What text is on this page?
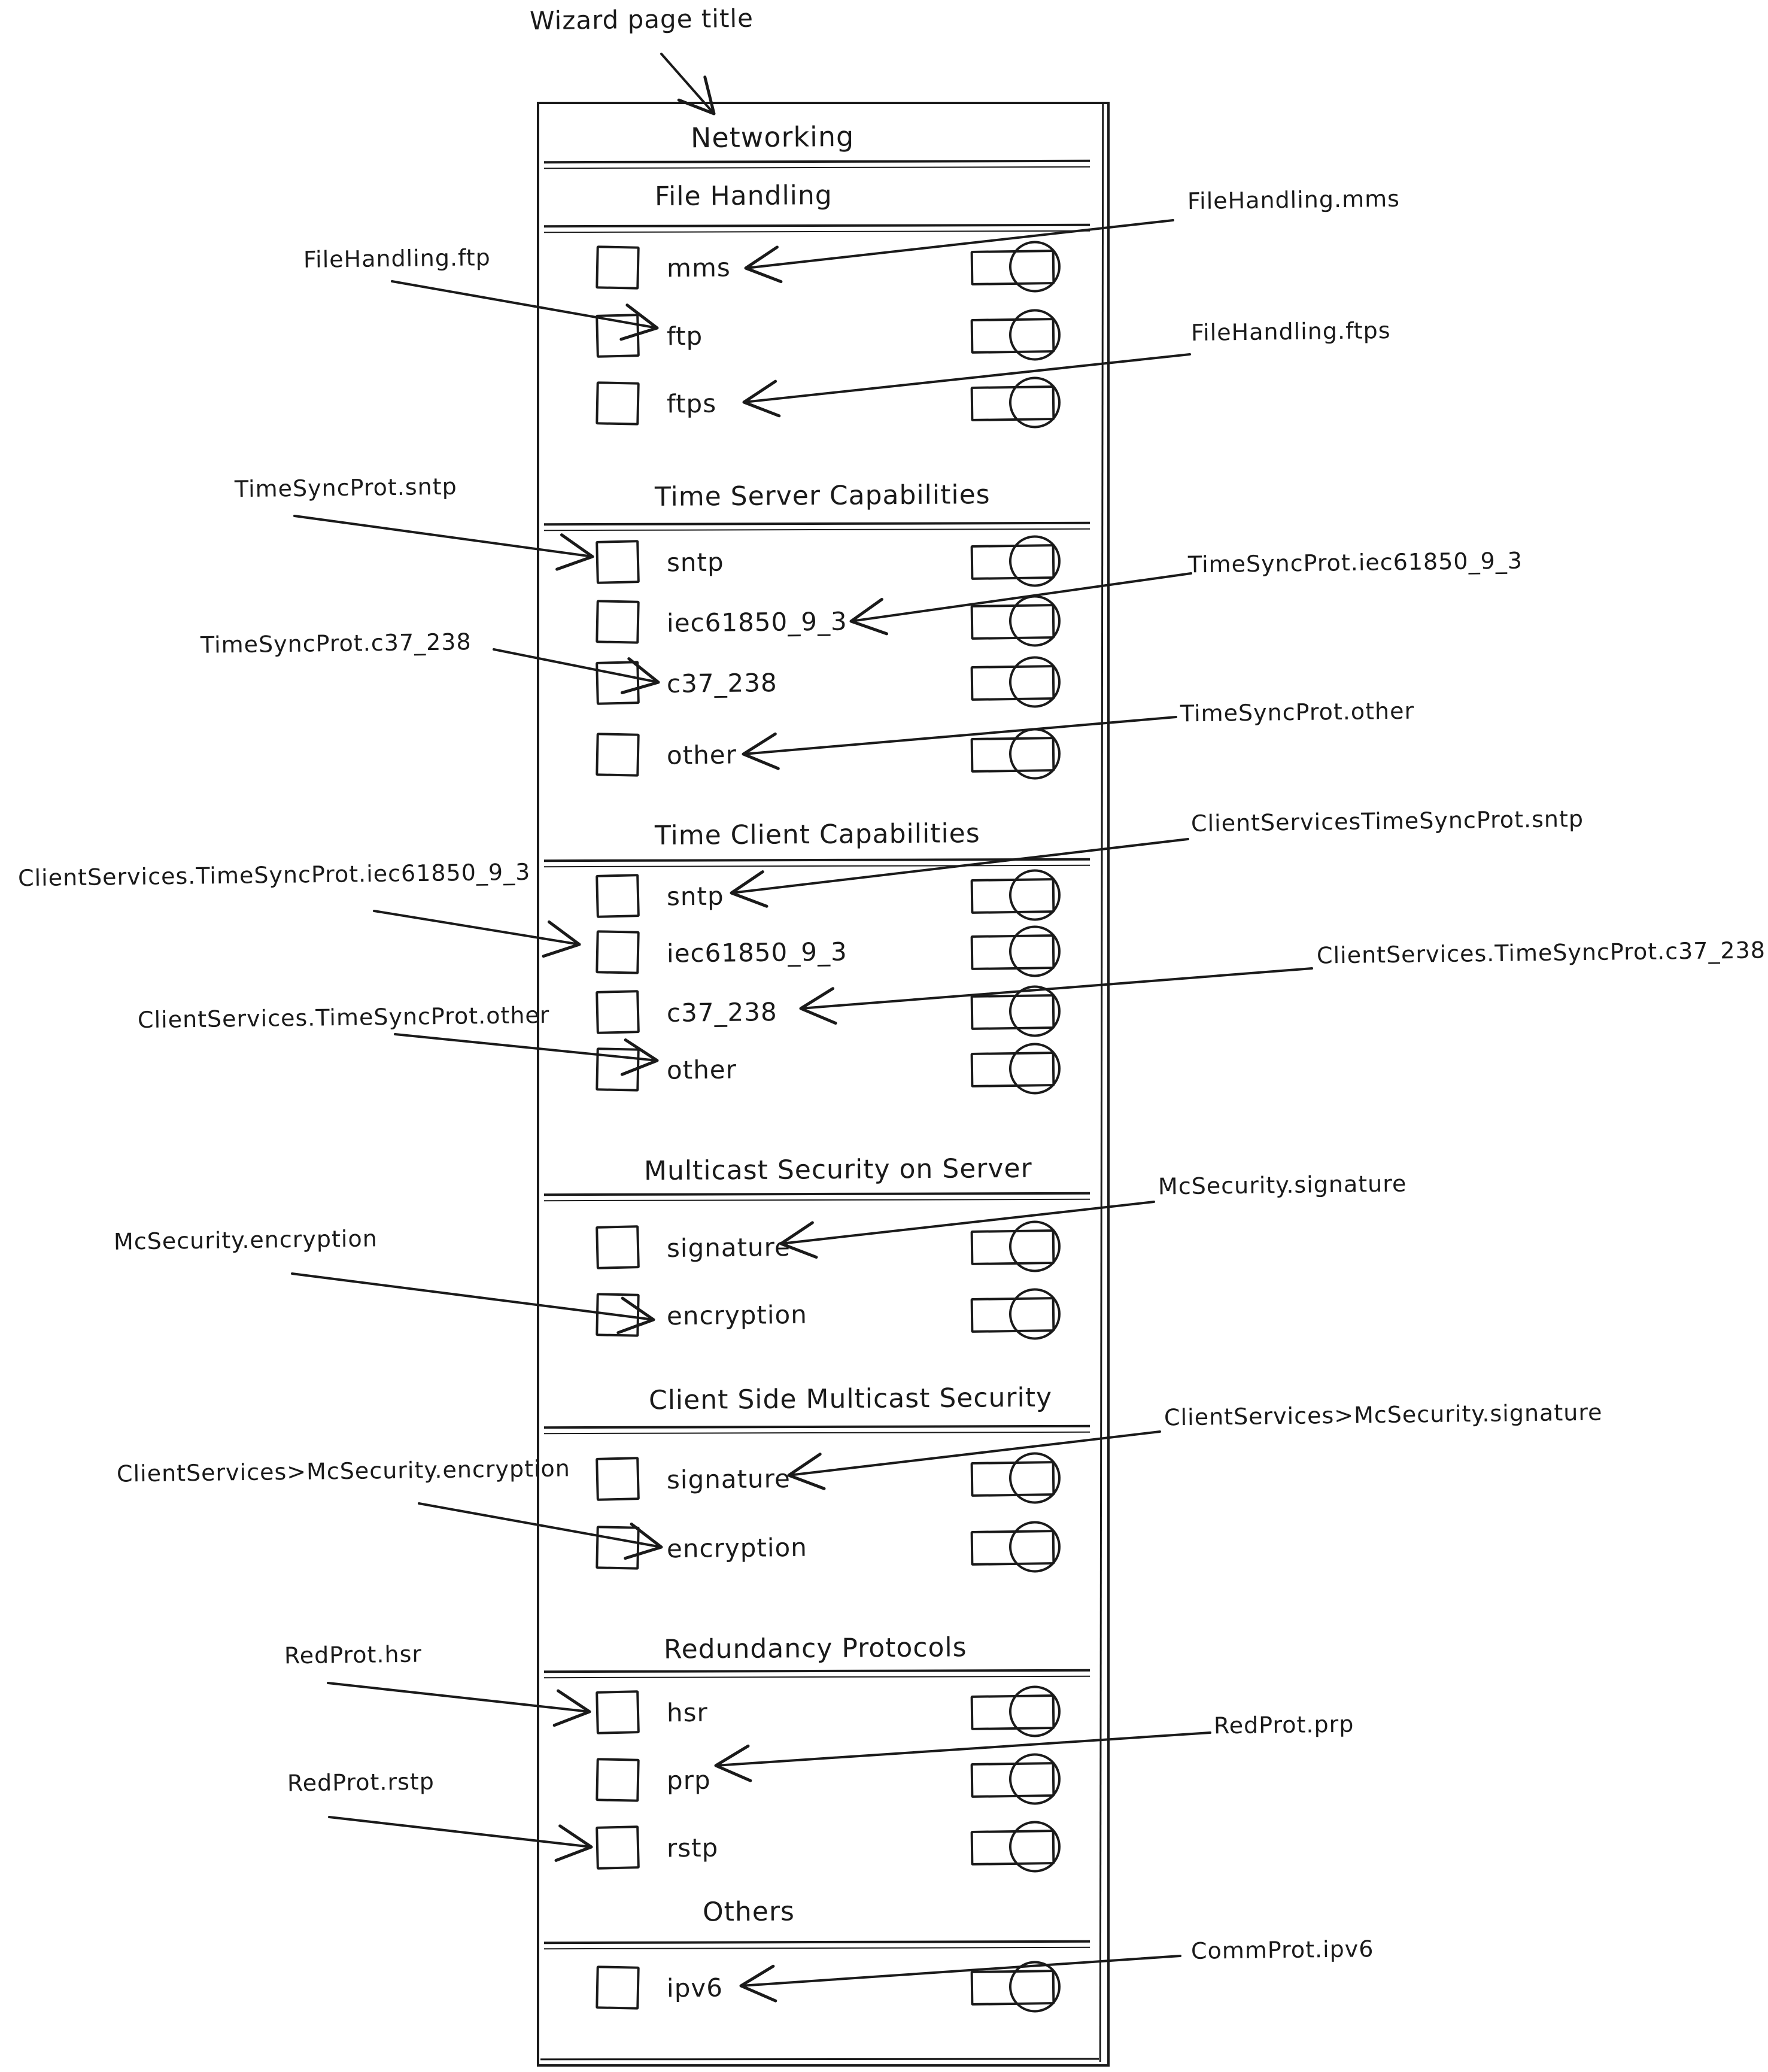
Networking
File Handling
mms
ftp
ftps
Time Server Capabilities
sntp
iec61850_9_3
c37_238
other
Time Client Capabilities
sntp
iec61850_9_3
c37_238
other
Multicast Security on Server
signature
encryption
Client Side Multicast Security
signature
encryption
Redundancy Protocols
hsr
prp
rstp
Others
ipv6
Wizard page title
FileHandling.mms
FileHandling.ftp
FileHandling.ftps
TimeSyncProt.sntp
TimeSyncProt.iec61850_9_3
TimeSyncProt.c37_238
TimeSyncProt.other
ClientServicesTimeSyncProt.sntp
ClientServices.TimeSyncProt.iec61850_9_3
ClientServices.TimeSyncProt.c37_238
ClientServices.TimeSyncProt.other
McSecurity.signature
McSecurity.encryption
ClientServices>McSecurity.signature
ClientServices>McSecurity.encryption
RedProt.hsr
RedProt.prp
RedProt.rstp
CommProt.ipv6
